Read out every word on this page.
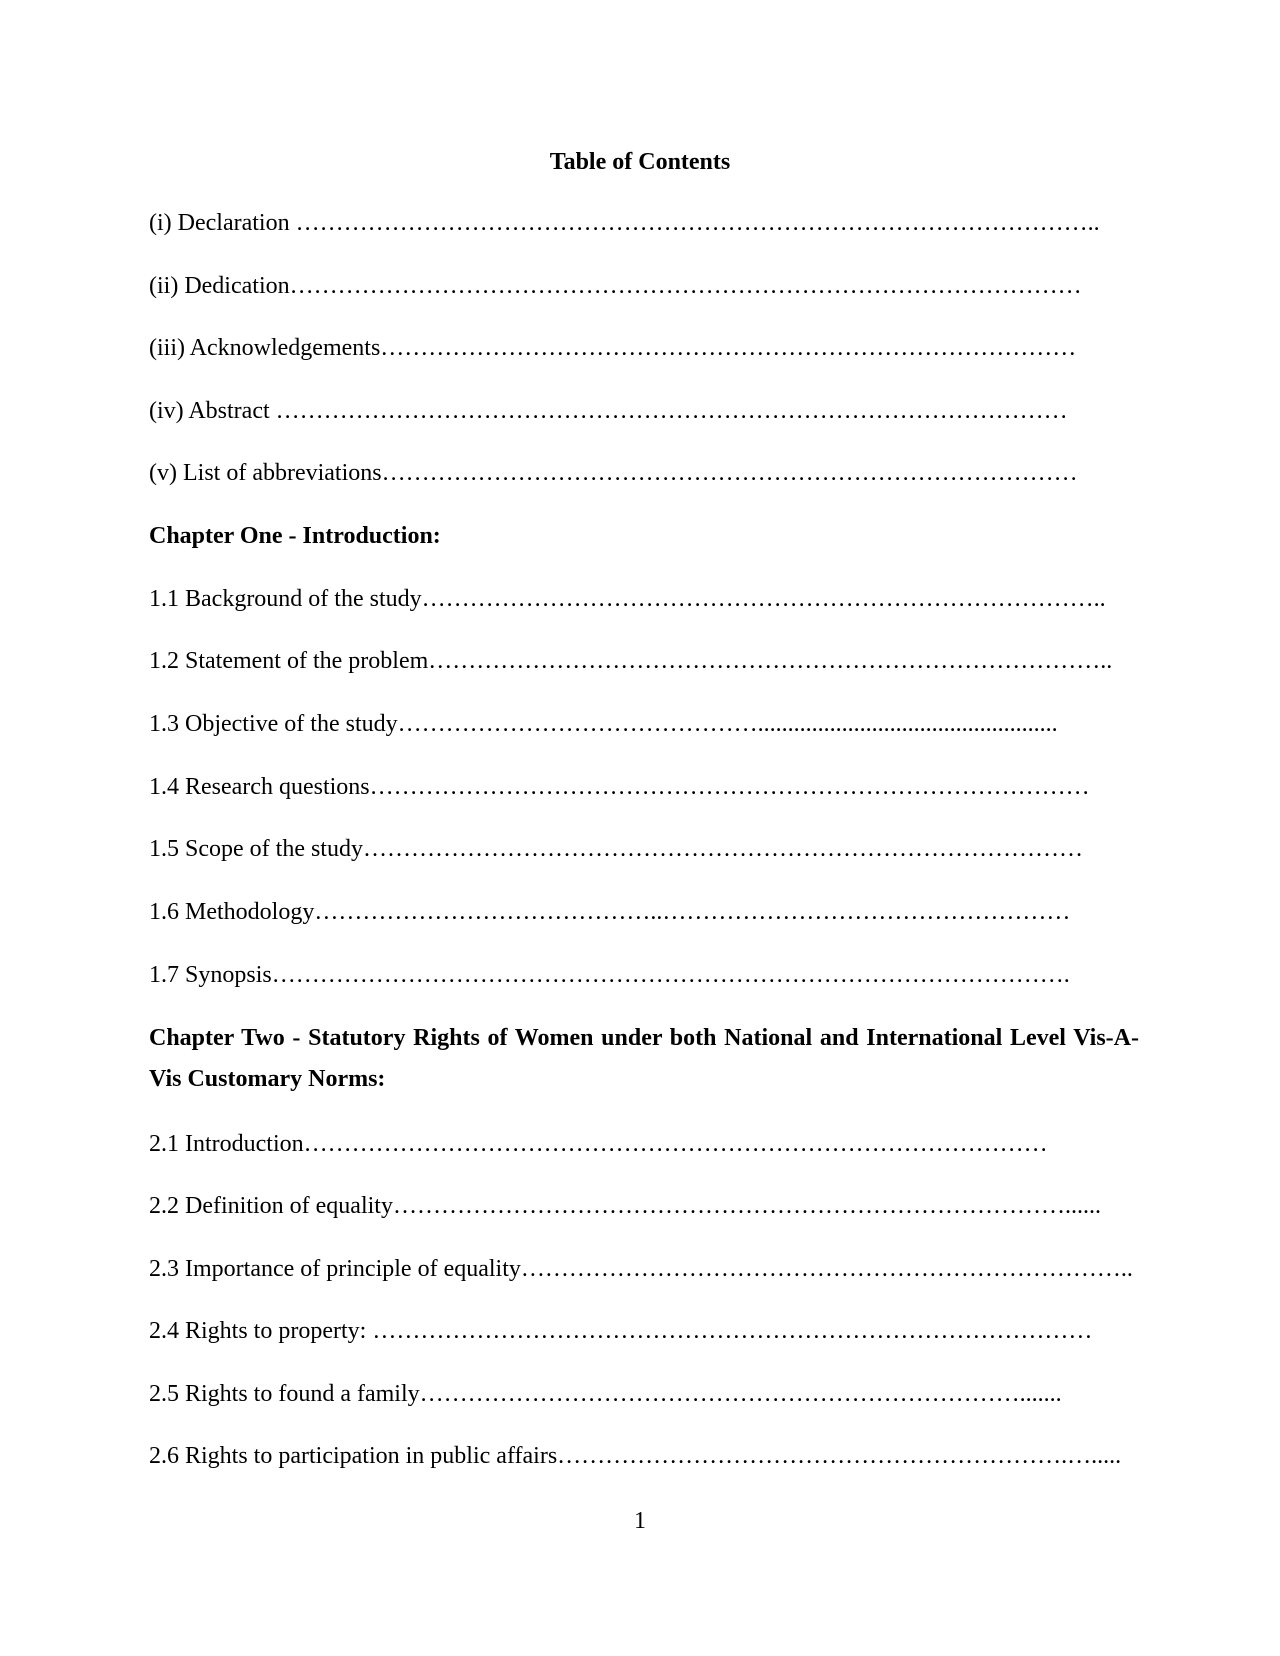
Table of Contents
(i) Declaration ………………………………………………………………………………………..
(ii) Dedication………………………………………………………………………………………
(iii) Acknowledgements……………………………………………………………………………
(iv) Abstract ………………………………………………………………………………………
(v) List of abbreviations……………………………………………………………………………
Chapter One - Introduction:
1.1 Background of the study…………………………………………………………………………..
1.2 Statement of the problem…………………………………………………………………………..
1.3 Objective of the study………………………………………..................................................
1.4 Research questions………………………………………………………………………………
1.5 Scope of the study………………………………………………………………………………
1.6 Methodology……………………………………..……………………………………………
1.7 Synopsis……………………………………………………………………………………….
Chapter Two - Statutory Rights of Women under both National and International Level Vis-A-Vis Customary Norms:
2.1 Introduction…………………………………………………………………………………
2.2 Definition of equality…………………………………………………………………………......
2.3 Importance of principle of equality…………………………………………………………………..
2.4 Rights to property: ………………………………………………………………………………
2.5 Rights to found a family………………………………………………………………….......
2.6 Rights to participation in public affairs……………………………………………………….….....
1
